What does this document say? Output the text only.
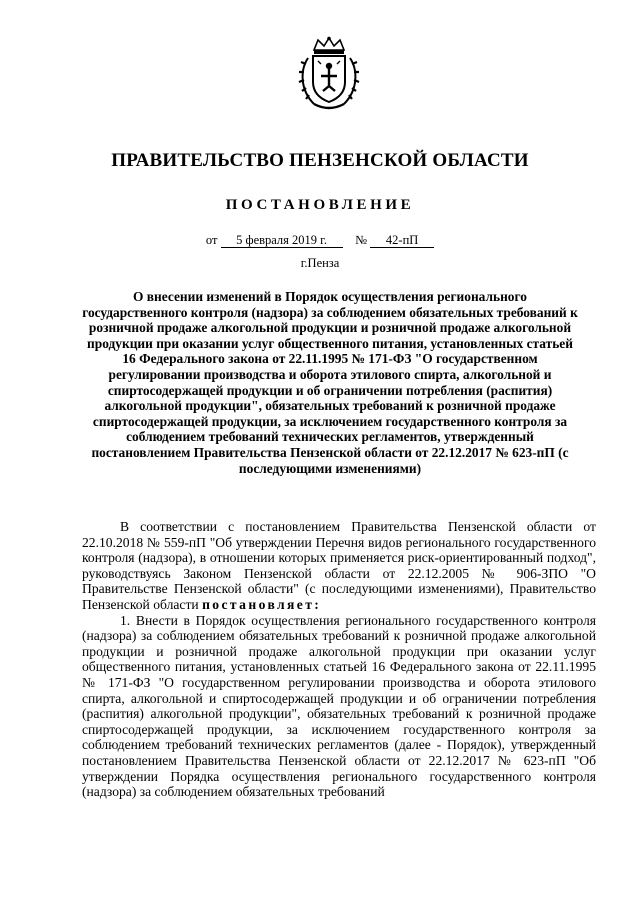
ПРАВИТЕЛЬСТВО ПЕНЗЕНСКОЙ ОБЛАСТИ
ПОСТАНОВЛЕНИЕ
от 5 февраля 2019 г. № 42-пП
г.Пенза
О внесении изменений в Порядок осуществления регионального государственного контроля (надзора) за соблюдением обязательных требований к розничной продаже алкогольной продукции и розничной продаже алкогольной продукции при оказании услуг общественного питания, установленных статьей 16 Федерального закона от 22.11.1995 № 171-ФЗ "О государственном регулировании производства и оборота этилового спирта, алкогольной и спиртосодержащей продукции и об ограничении потребления (распития) алкогольной продукции", обязательных требований к розничной продаже спиртосодержащей продукции, за исключением государственного контроля за соблюдением требований технических регламентов, утвержденный постановлением Правительства Пензенской области от 22.12.2017 № 623-пП (с последующими изменениями)

В соответствии с постановлением Правительства Пензенской области от 22.10.2018 № 559-пП "Об утверждении Перечня видов регионального государственного контроля (надзора), в отношении которых применяется риск-ориентированный подход", руководствуясь Законом Пензенской области от 22.12.2005 № 906-ЗПО "О Правительстве Пензенской области" (с последующими изменениями), Правительство Пензенской области постановляет:

1. Внести в Порядок осуществления регионального государственного контроля (надзора) за соблюдением обязательных требований к розничной продаже алкогольной продукции и розничной продаже алкогольной продукции при оказании услуг общественного питания, установленных статьей 16 Федерального закона от 22.11.1995 № 171-ФЗ "О государственном регулировании производства и оборота этилового спирта, алкогольной и спиртосодержащей продукции и об ограничении потребления (распития) алкогольной продукции", обязательных требований к розничной продаже спиртосодержащей продукции, за исключением государственного контроля за соблюдением требований технических регламентов (далее - Порядок), утвержденный постановлением Правительства Пензенской области от 22.12.2017 № 623-пП "Об утверждении Порядка осуществления регионального государственного контроля (надзора) за соблюдением обязательных требований
